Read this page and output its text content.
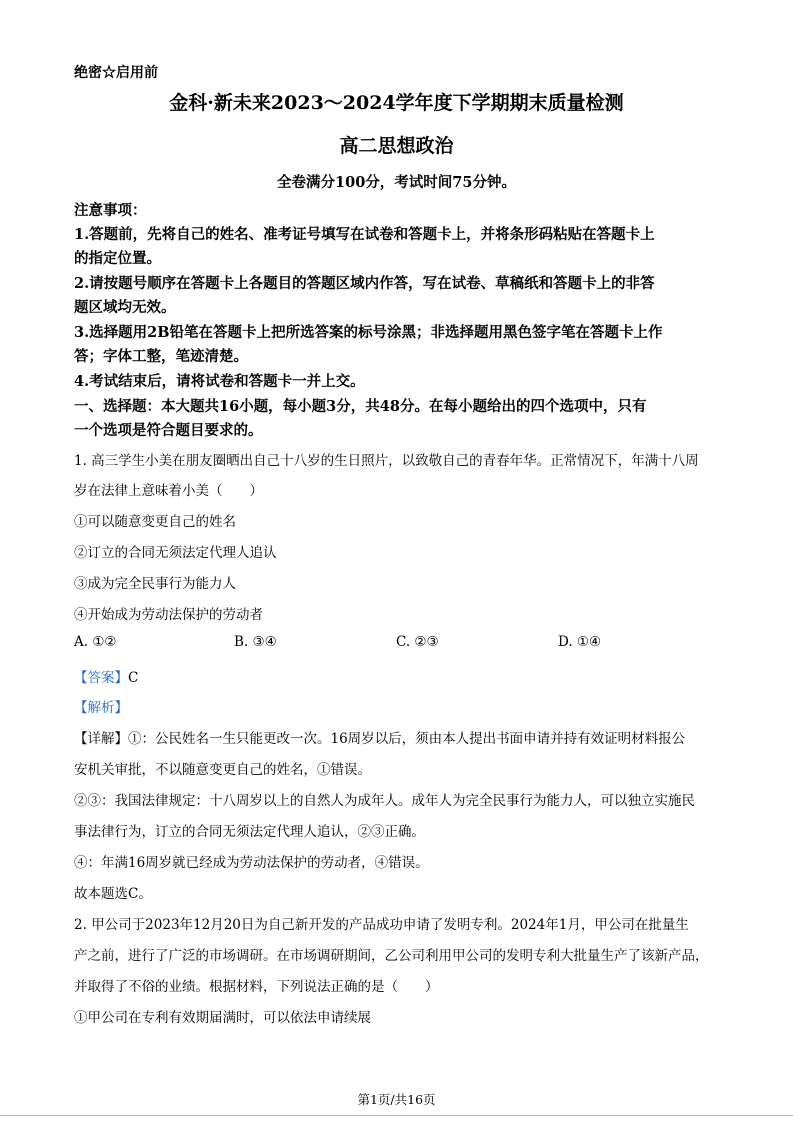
绝密☆启用前
金科·新未来2023～2024学年度下学期期末质量检测
高二思想政治
全卷满分100分，考试时间75分钟。
注意事项：
1.答题前，先将自己的姓名、准考证号填写在试卷和答题卡上，并将条形码粘贴在答题卡上
的指定位置。
2.请按题号顺序在答题卡上各题目的答题区域内作答，写在试卷、草稿纸和答题卡上的非答
题区域均无效。
3.选择题用2B铅笔在答题卡上把所选答案的标号涂黑；非选择题用黑色签字笔在答题卡上作
答；字体工整，笔迹清楚。
4.考试结束后，请将试卷和答题卡一并上交。
一、选择题：本大题共16小题，每小题3分，共48分。在每小题给出的四个选项中，只有
一个选项是符合题目要求的。
1. 高三学生小美在朋友圈晒出自己十八岁的生日照片，以致敬自己的青春年华。正常情况下，年满十八周
岁在法律上意味着小美（　　）
①可以随意变更自己的姓名
②订立的合同无须法定代理人追认
③成为完全民事行为能力人
④开始成为劳动法保护的劳动者
A. ①②	B. ③④	C. ②③	D. ①④
【答案】C
【解析】
【详解】①：公民姓名一生只能更改一次。16周岁以后，须由本人提出书面申请并持有效证明材料报公
安机关审批，不以随意变更自己的姓名，①错误。
②③：我国法律规定：十八周岁以上的自然人为成年人。成年人为完全民事行为能力人，可以独立实施民
事法律行为，订立的合同无须法定代理人追认，②③正确。
④：年满16周岁就已经成为劳动法保护的劳动者，④错误。
故本题选C。
2. 甲公司于2023年12月20日为自己新开发的产品成功申请了发明专利。2024年1月，甲公司在批量生
产之前，进行了广泛的市场调研。在市场调研期间，乙公司利用甲公司的发明专利大批量生产了该新产品，
并取得了不俗的业绩。根据材料，下列说法正确的是（　　）
①甲公司在专利有效期届满时，可以依法申请续展
第1页/共16页
